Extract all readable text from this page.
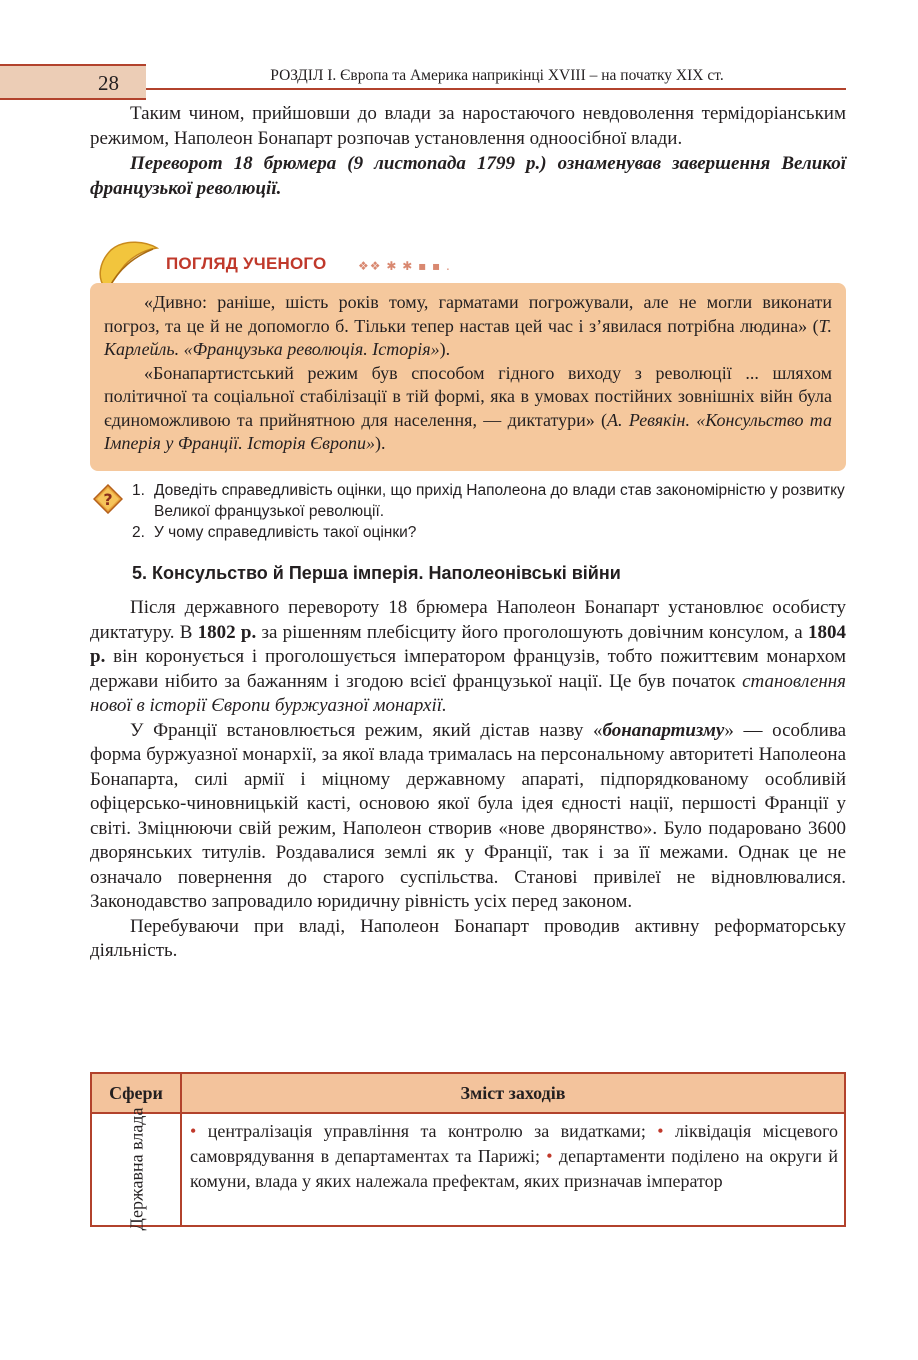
28	РОЗДІЛ I. Європа та Америка наприкінці XVIII – на початку XIX ст.

Таким чином, прийшовши до влади за наростаючого невдоволення термідоріанським режимом, Наполеон Бонапарт розпочав установлення одноосібної влади.

Переворот 18 брюмера (9 листопада 1799 р.) ознаменував завершення Великої французької революції.

ПОГЛЯД УЧЕНОГО	❖❖ ✱ ✱ ▪ ▪ .

«Дивно: раніше, шість років тому, гарматами погрожували, але не могли виконати погроз, та це й не допомогло б. Тільки тепер настав цей час і з’явилася потрібна людина» (Т. Карлейль. «Французька революція. Історія»).

«Бонапартистський режим був способом гідного виходу з революції ... шляхом політичної та соціальної стабілізації в тій формі, яка в умовах постійних зовнішніх війн була єдиноможливою та прийнятною для населення, — диктатури» (А. Ревякін. «Консульство та Імперія у Франції. Історія Європи»).

? 1. Доведіть справедливість оцінки, що прихід Наполеона до влади став закономірністю у розвитку Великої французької революції.
2. У чому справедливість такої оцінки?
5. Консульство й Перша імперія. Наполеонівські війни

Після державного перевороту 18 брюмера Наполеон Бонапарт установлює особисту диктатуру. В 1802 р. за рішенням плебісциту його проголошують довічним консулом, а 1804 р. він коронується і проголошується імператором французів, тобто пожиттєвим монархом держави нібито за бажанням і згодою всієї французької нації. Це був початок становлення нової в історії Європи буржуазної монархії.

У Франції встановлюється режим, який дістав назву «бонапартизму» — особлива форма буржуазної монархії, за якої влада трималась на персональному авторитеті Наполеона Бонапарта, силі армії і міцному державному апараті, підпорядкованому особливій офіцерсько-чиновницькій касті, основою якої була ідея єдності нації, першості Франції у світі. Зміцнюючи свій режим, Наполеон створив «нове дворянство». Було подаровано 3600 дворянських титулів. Роздавалися землі як у Франції, так і за її межами. Однак це не означало повернення до старого суспільства. Станові привілеї не відновлювалися. Законодавство запровадило юридичну рівність усіх перед законом.

Перебуваючи при владі, Наполеон Бонапарт проводив активну реформаторську діяльність.

Сфери	Зміст заходів
Державна влада • централізація управління та контролю за видатками; • ліквідація місцевого самоврядування в департаментах та Парижі; • департаменти поділено на округи й комуни, влада у яких належала префектам, яких призначав імператор
